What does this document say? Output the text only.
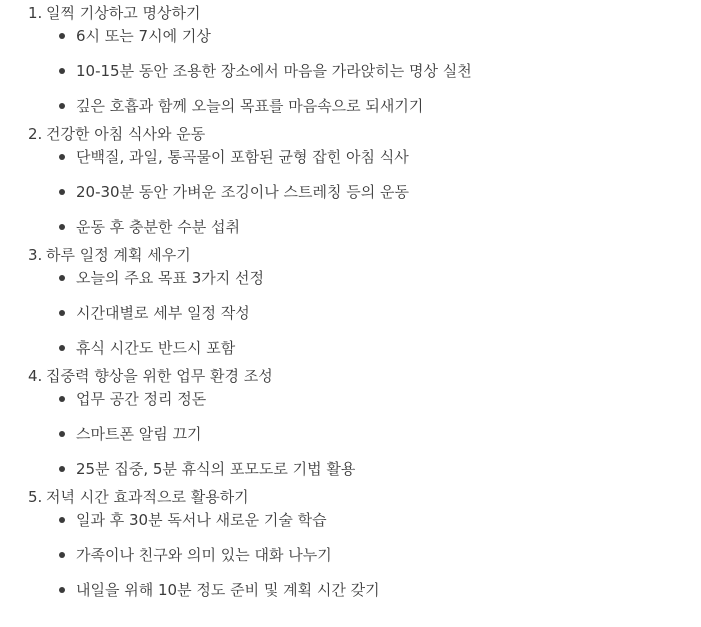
1. 일찍 기상하고 명상하기
6시 또는 7시에 기상
10-15분 동안 조용한 장소에서 마음을 가라앉히는 명상 실천
깊은 호흡과 함께 오늘의 목표를 마음속으로 되새기기
2. 건강한 아침 식사와 운동
단백질, 과일, 통곡물이 포함된 균형 잡힌 아침 식사
20-30분 동안 가벼운 조깅이나 스트레칭 등의 운동
운동 후 충분한 수분 섭취
3. 하루 일정 계획 세우기
오늘의 주요 목표 3가지 선정
시간대별로 세부 일정 작성
휴식 시간도 반드시 포함
4. 집중력 향상을 위한 업무 환경 조성
업무 공간 정리 정돈
스마트폰 알림 끄기
25분 집중, 5분 휴식의 포모도로 기법 활용
5. 저녁 시간 효과적으로 활용하기
일과 후 30분 독서나 새로운 기술 학습
가족이나 친구와 의미 있는 대화 나누기
내일을 위해 10분 정도 준비 및 계획 시간 갖기
